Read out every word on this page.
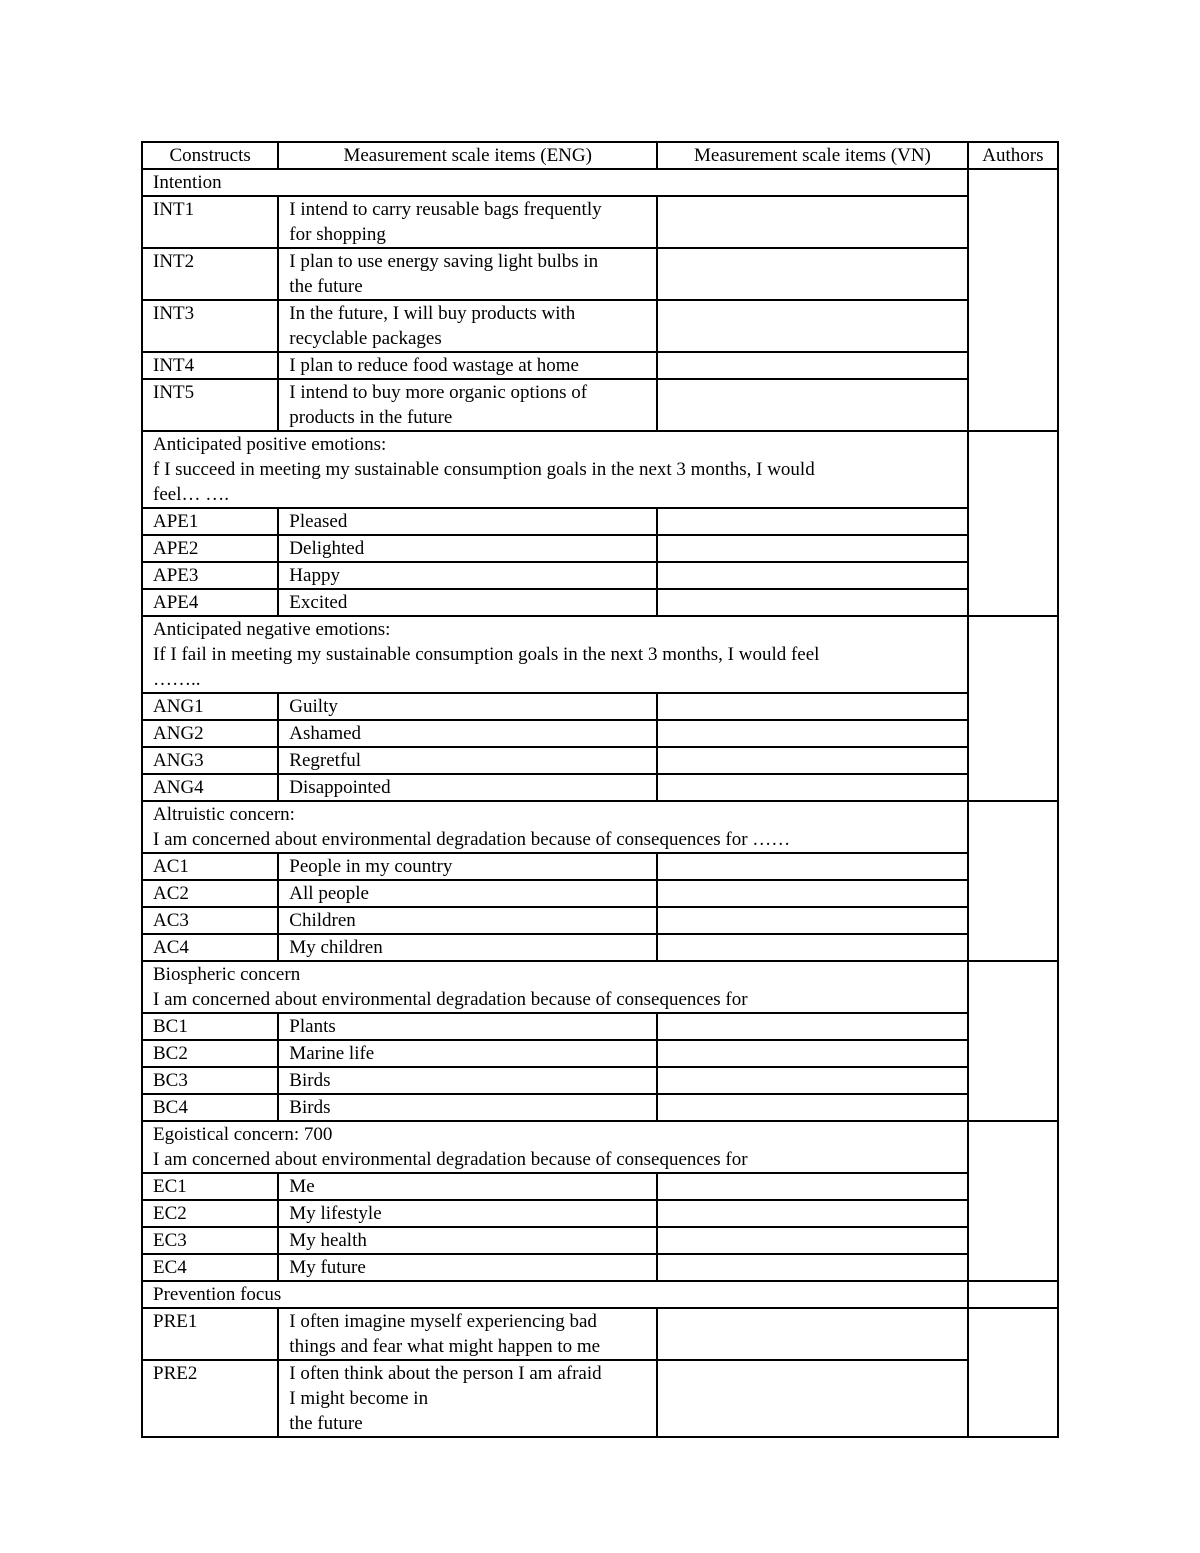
Constructs	Measurement scale items (ENG)	Measurement scale items (VN)	Authors
Intention			
INT1	I intend to carry reusable bags frequently
for shopping		
INT2	I plan to use energy saving light bulbs in
the future		
INT3	In the future, I will buy products with
recyclable packages		
INT4	I plan to reduce food wastage at home		
INT5	I intend to buy more organic options of
products in the future		

Anticipated positive emotions:
f I succeed in meeting my sustainable consumption goals in the next 3 months, I would
feel… ….			

APE1	Pleased		
APE2	Delighted		
APE3	Happy		
APE4	Excited		

Anticipated negative emotions:
If I fail in meeting my sustainable consumption goals in the next 3 months, I would feel
……..			

ANG1	Guilty		
ANG2	Ashamed		
ANG3	Regretful		
ANG4	Disappointed		

Altruistic concern:
I am concerned about environmental degradation because of consequences for ……			

AC1	People in my country		
AC2	All people		
AC3	Children		
AC4	My children		

Biospheric concern
I am concerned about environmental degradation because of consequences for			

BC1	Plants		
BC2	Marine life		
BC3	Birds		
BC4	Birds		

Egoistical concern: 700
I am concerned about environmental degradation because of consequences for			

EC1	Me		
EC2	My lifestyle		
EC3	My health		
EC4	My future		
Prevention focus			
PRE1	I often imagine myself experiencing bad
things and fear what might happen to me		
PRE2	I often think about the person I am afraid
I might become in
the future		
